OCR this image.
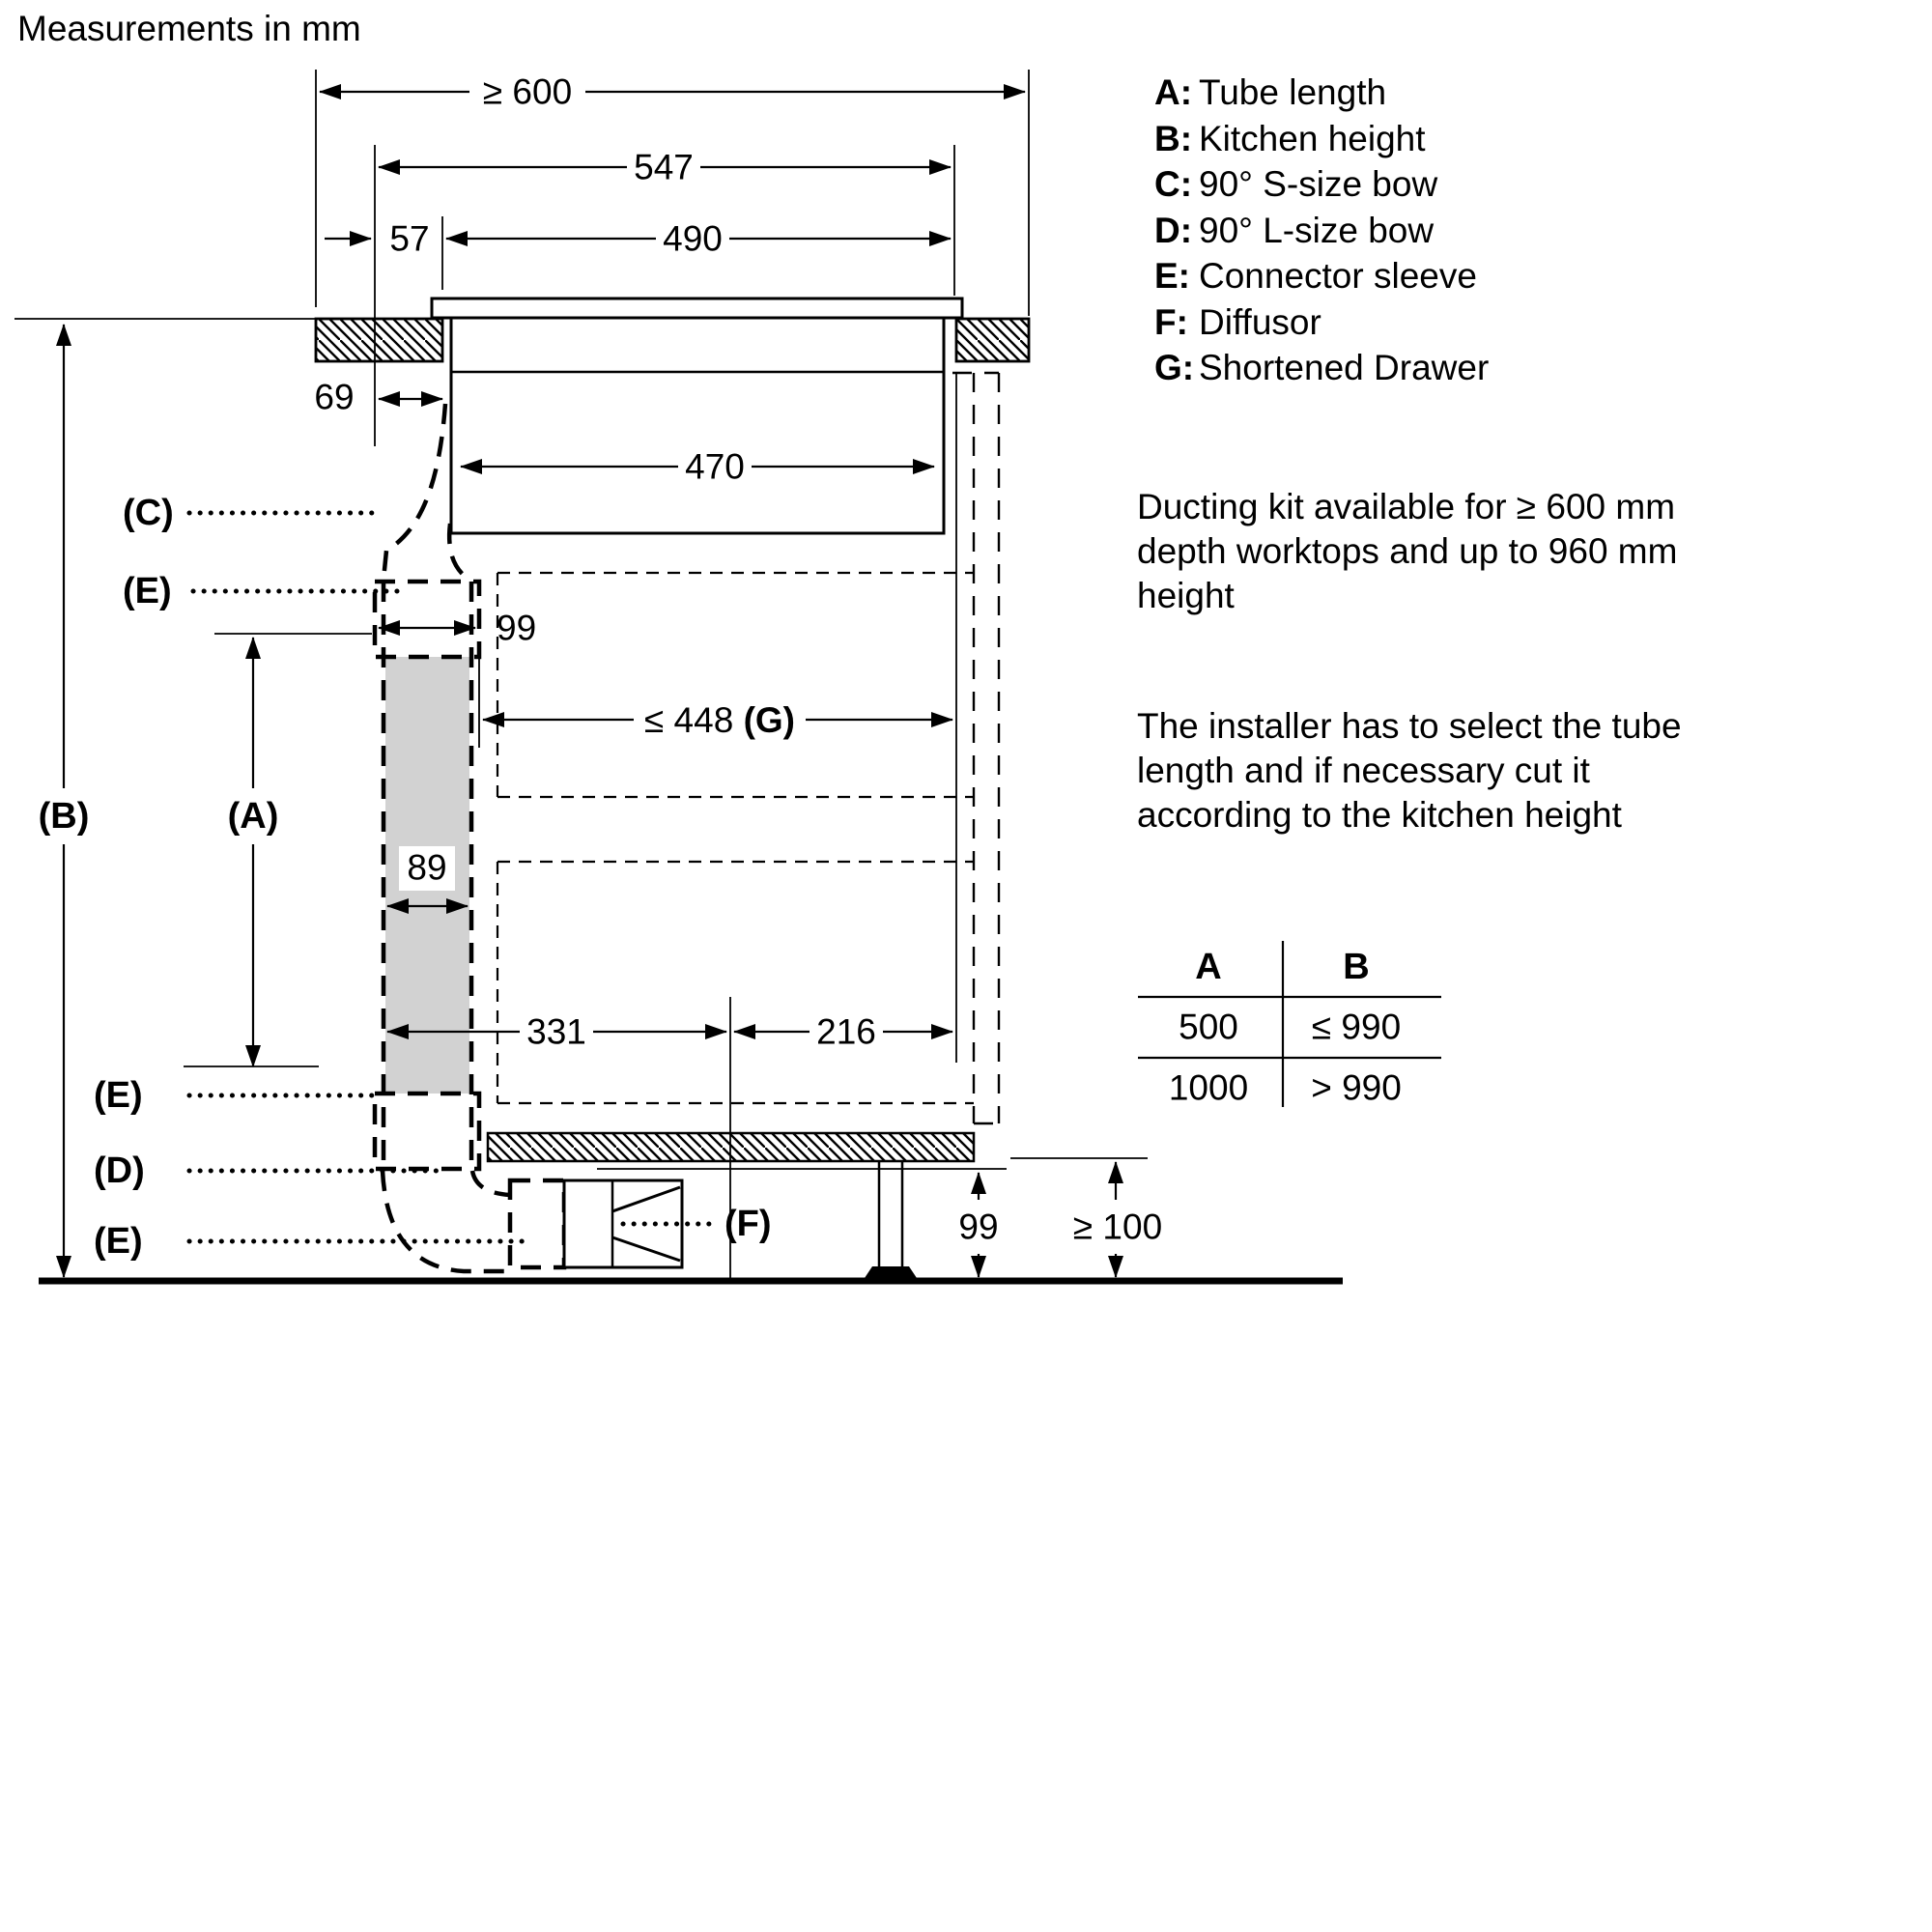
Measurements in mm
≥ 600
547
57	490
69
470
99
≤ 448 (G)
89
331	216
99 ≥ 100
(B)	(A)
(C)
(E)
(E)
(D)
(E)	(F)
A	B
500 ≤ 990
1000 > 990
A: Tube length
B: Kitchen height
C: 90° S-size bow
D: 90° L-size bow
E: Connector sleeve
F: Diffusor
G: Shortened Drawer
Ducting kit available for ≥ 600 mm
depth worktops and up to 960 mm
height
The installer has to select the tube
length and if necessary cut it
according to the kitchen height
